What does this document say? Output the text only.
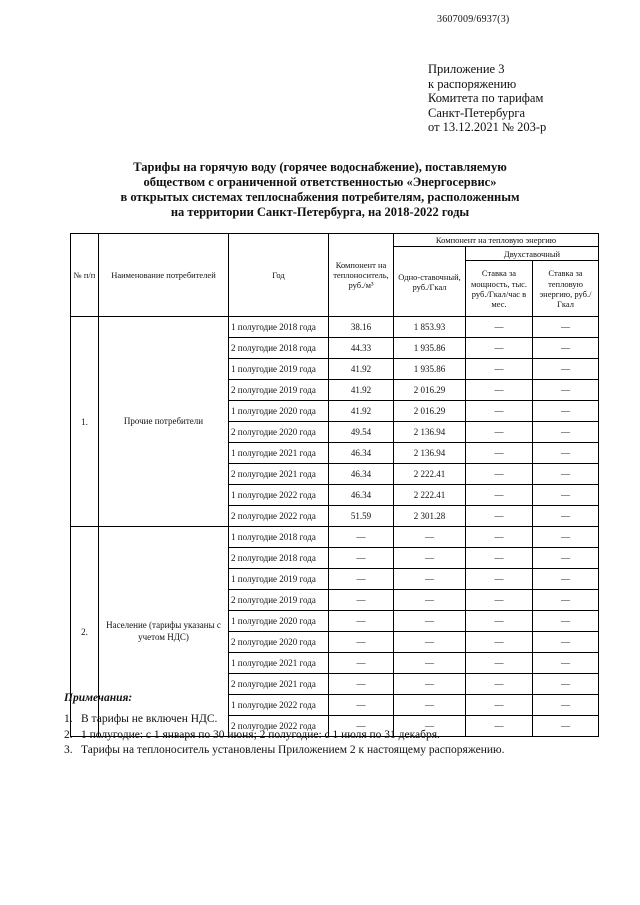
3607009/6937(3)
Приложение 3
к распоряжению
Комитета по тарифам
Санкт-Петербурга
от 13.12.2021 № 203-р
Тарифы на горячую воду (горячее водоснабжение), поставляемую
обществом с ограниченной ответственностью «Энергосервис»
в открытых системах теплоснабжения потребителям, расположенным
на территории Санкт-Петербурга, на 2018-2022 годы
№ п/п	Наименование потребителей	Год	Компонент на теплоноситель, руб./м³	Компонент на тепловую энергию		
				Одно-ставочный, руб./Гкал	Двухставочный	
					Ставка за мощность, тыс. руб./Гкал/час в мес.	Ставка за тепловую энергию, руб./Гкал
1.	Прочие потребители	1 полугодие 2018 года	38.16	1 853.93	—	—
		2 полугодие 2018 года	44.33	1 935.86	—	—
		1 полугодие 2019 года	41.92	1 935.86	—	—
		2 полугодие 2019 года	41.92	2 016.29	—	—
		1 полугодие 2020 года	41.92	2 016.29	—	—
		2 полугодие 2020 года	49.54	2 136.94	—	—
		1 полугодие 2021 года	46.34	2 136.94	—	—
		2 полугодие 2021 года	46.34	2 222.41	—	—
		1 полугодие 2022 года	46.34	2 222.41	—	—
		2 полугодие 2022 года	51.59	2 301.28	—	—
2.	Население (тарифы указаны с учетом НДС)	1 полугодие 2018 года	—	—	—	—
		2 полугодие 2018 года	—	—	—	—
		1 полугодие 2019 года	—	—	—	—
		2 полугодие 2019 года	—	—	—	—
		1 полугодие 2020 года	—	—	—	—
		2 полугодие 2020 года	—	—	—	—
		1 полугодие 2021 года	—	—	—	—
		2 полугодие 2021 года	—	—	—	—
		1 полугодие 2022 года	—	—	—	—
		2 полугодие 2022 года	—	—	—	—
Примечания:
1. В тарифы не включен НДС.
2. 1 полугодие: с 1 января по 30 июня; 2 полугодие: с 1 июля по 31 декабря.
3. Тарифы на теплоноситель установлены Приложением 2 к настоящему распоряжению.
